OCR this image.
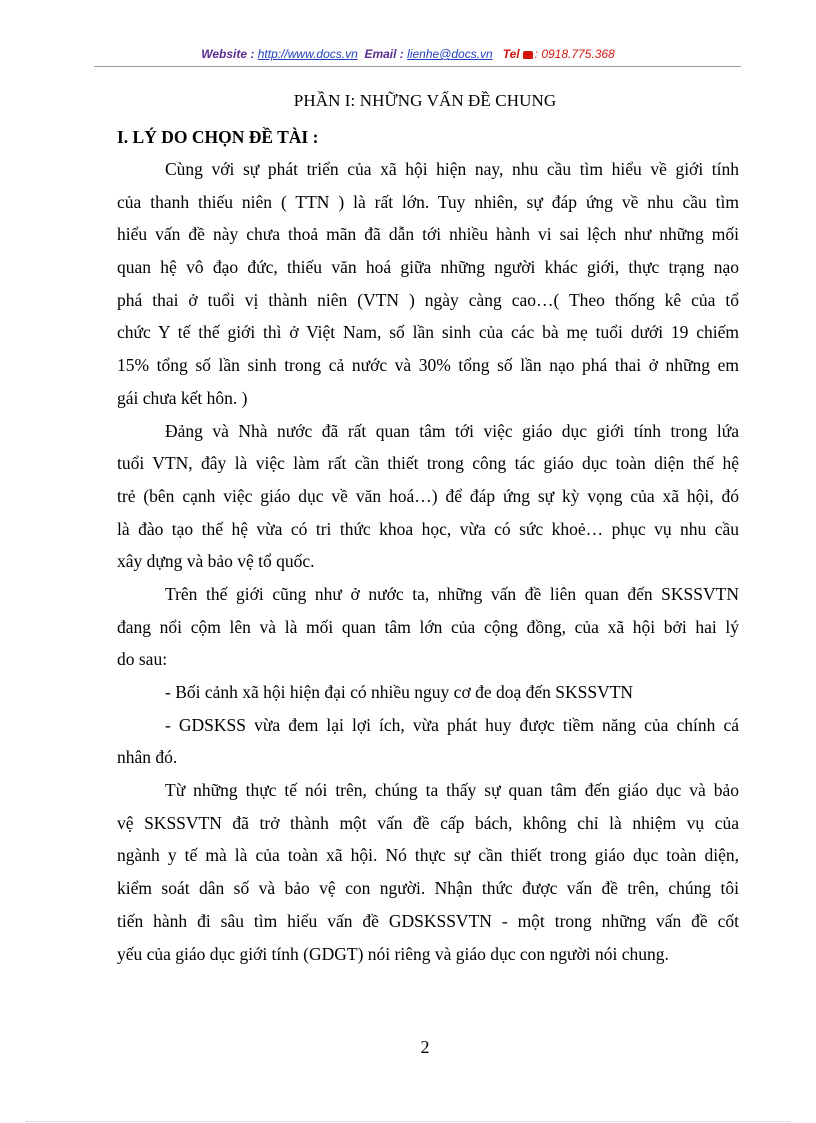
Website : http://www.docs.vn Email : lienhe@docs.vn Tel : 0918.775.368
PHẦN I: NHỮNG VẤN ĐỀ CHUNG
I. LÝ DO CHỌN ĐỀ TÀI :
Cùng với sự phát triển của xã hội hiện nay, nhu cầu tìm hiểu về giới tính
của thanh thiếu niên ( TTN ) là rất lớn. Tuy nhiên, sự đáp ứng về nhu cầu tìm
hiểu vấn đề này chưa thoả mãn đã dẫn tới nhiều hành vi sai lệch như những mối
quan hệ vô đạo đức, thiếu văn hoá giữa những người khác giới, thực trạng nạo
phá thai ở tuổi vị thành niên (VTN ) ngày càng cao…( Theo thống kê của tổ
chức Y tế thế giới thì ở Việt Nam, số lần sinh của các bà mẹ tuổi dưới 19 chiếm
15% tổng số lần sinh trong cả nước và 30% tổng số lần nạo phá thai ở những em
gái chưa kết hôn. )
Đảng và Nhà nước đã rất quan tâm tới việc giáo dục giới tính trong lứa
tuổi VTN, đây là việc làm rất cần thiết trong công tác giáo dục toàn diện thế hệ
trẻ (bên cạnh việc giáo dục về văn hoá…) để đáp ứng sự kỳ vọng của xã hội, đó
là đào tạo thế hệ vừa có tri thức khoa học, vừa có sức khoẻ… phục vụ nhu cầu
xây dựng và bảo vệ tổ quốc.
Trên thế giới cũng như ở nước ta, những vấn đề liên quan đến SKSSVTN
đang nổi cộm lên và là mối quan tâm lớn của cộng đồng, của xã hội bởi hai lý
do sau:
- Bối cảnh xã hội hiện đại có nhiều nguy cơ đe doạ đến SKSSVTN
- GDSKSS vừa đem lại lợi ích, vừa phát huy được tiềm năng của chính cá
nhân đó.
Từ những thực tế nói trên, chúng ta thấy sự quan tâm đến giáo dục và bảo
vệ SKSSVTN đã trở thành một vấn đề cấp bách, không chỉ là nhiệm vụ của
ngành y tế mà là của toàn xã hội. Nó thực sự cần thiết trong giáo dục toàn diện,
kiểm soát dân số và bảo vệ con người. Nhận thức được vấn đề trên, chúng tôi
tiến hành đi sâu tìm hiểu vấn đề GDSKSSVTN - một trong những vấn đề cốt
yếu của giáo dục giới tính (GDGT) nói riêng và giáo dục con người nói chung.
2
